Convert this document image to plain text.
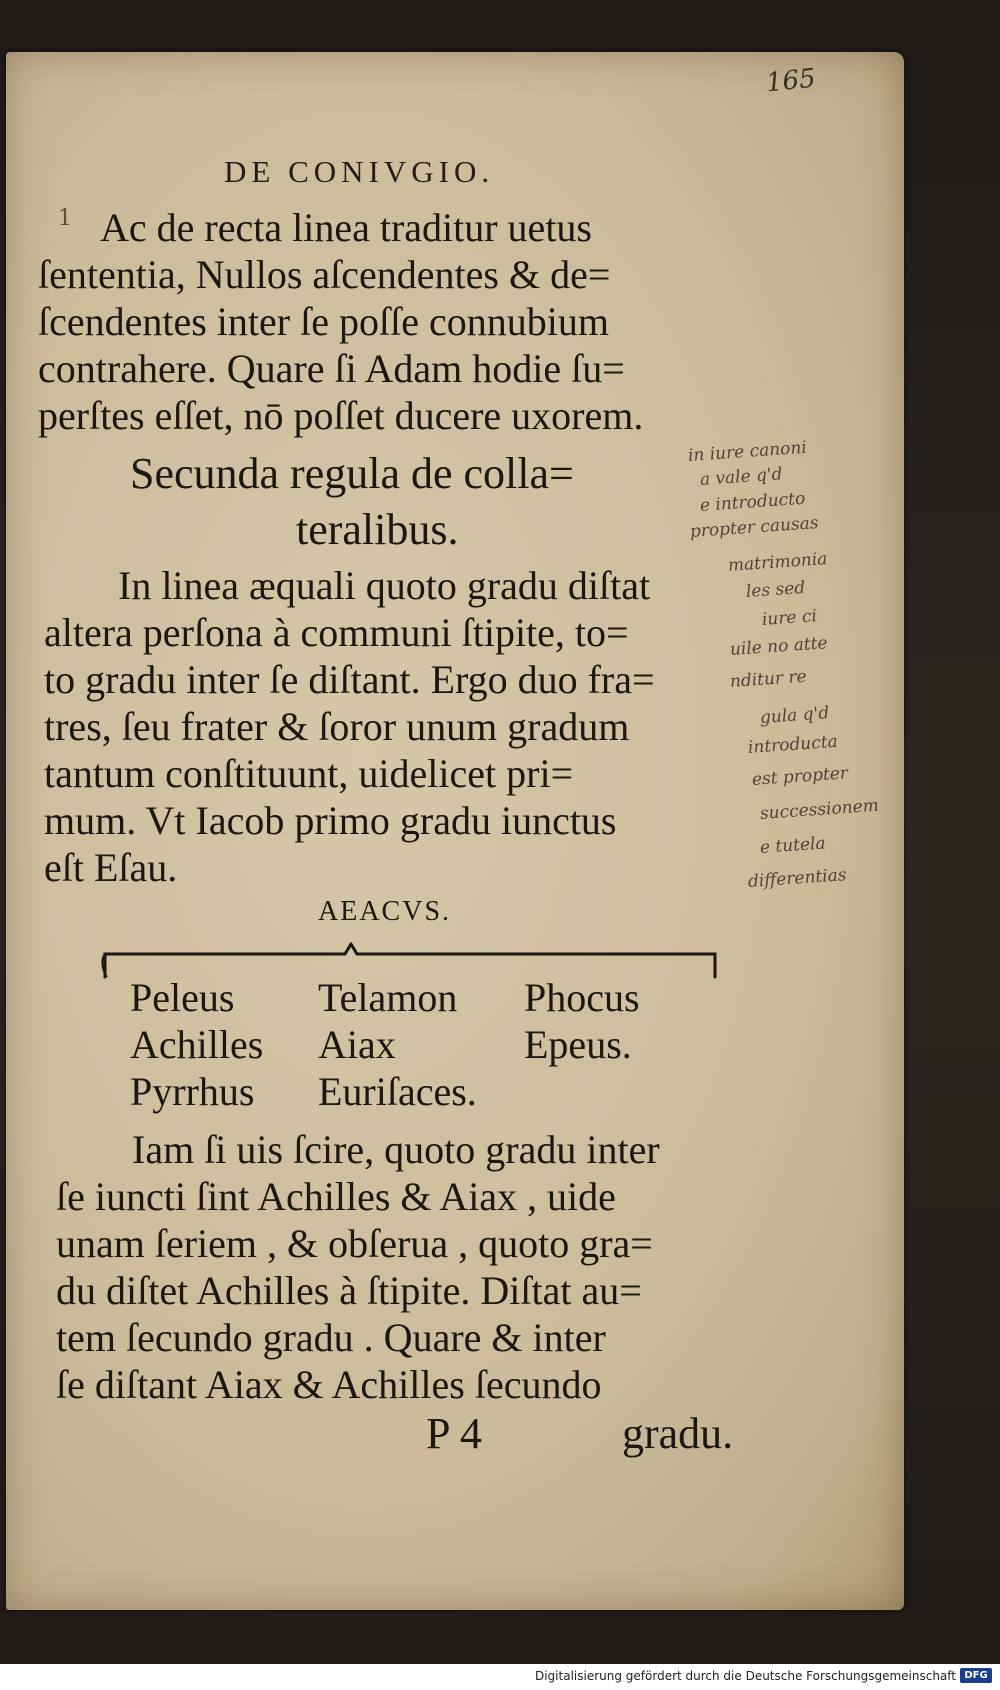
165
DE CONIVGIO.
1 Ac de recta linea traditur uetus
ſententia, Nullos aſcendentes & de=
ſcendentes inter ſe poſſe connubium
contrahere. Quare ſi Adam hodie ſu=
perſtes eſſet, nō poſſet ducere uxorem.
Secunda regula de colla=
teralibus.
In linea æquali quoto gradu diſtat
altera perſona à communi ſtipite, to=
to gradu inter ſe diſtant. Ergo duo fra=
tres, ſeu frater & ſoror unum gradum
tantum conſtituunt, uidelicet pri=
mum. Vt Iacob primo gradu iunctus
eſt Eſau.
in iure canoni
a vale q'd
e introducto
propter causas
matrimonia
les sed
iure ci
uile no atte
nditur re
gula q'd
introducta
est propter
successionem
e tutela
differentias
AEACVS.
Peleus
Achilles
Pyrrhus
Telamon
Aiax
Euriſaces.
Phocus
Epeus.
Iam ſi uis ſcire, quoto gradu inter
ſe iuncti ſint Achilles & Aiax , uide
unam ſeriem , & obſerua , quoto gra=
du diſtet Achilles à ſtipite. Diſtat au=
tem ſecundo gradu . Quare & inter
ſe diſtant Aiax & Achilles ſecundo
P 4	gradu.
Digitalisierung gefördert durch die Deutsche Forschungsgemeinschaft DFG
